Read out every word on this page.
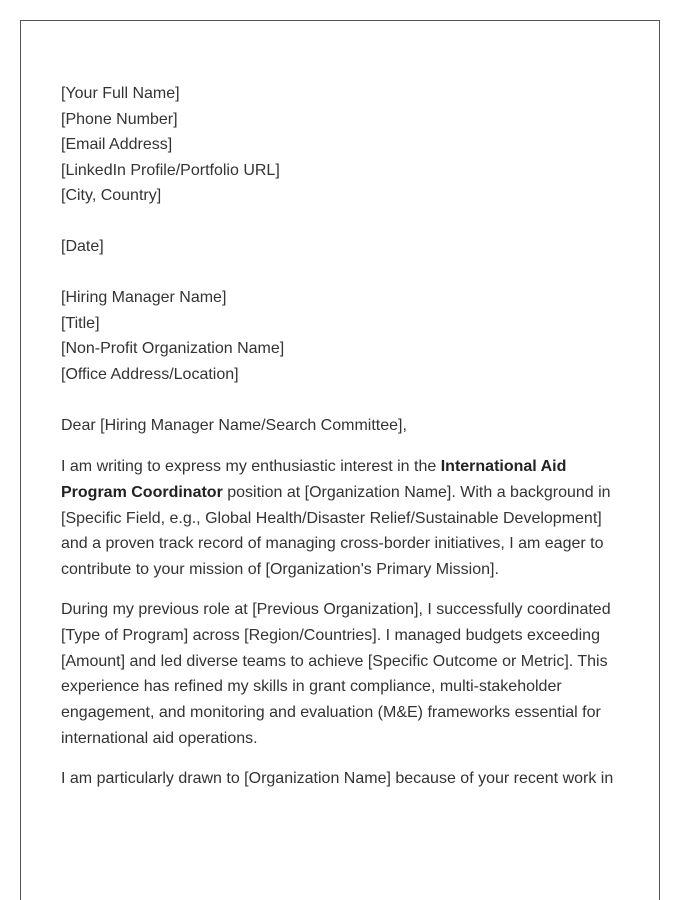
[Your Full Name]

[Phone Number]

[Email Address]

[LinkedIn Profile/Portfolio URL]

[City, Country]

[Date]

[Hiring Manager Name]

[Title]

[Non-Profit Organization Name]

[Office Address/Location]

Dear [Hiring Manager Name/Search Committee],

I am writing to express my enthusiastic interest in the International Aid
Program Coordinator position at [Organization Name]. With a background in
[Specific Field, e.g., Global Health/Disaster Relief/Sustainable Development]
and a proven track record of managing cross-border initiatives, I am eager to
contribute to your mission of [Organization's Primary Mission].

During my previous role at [Previous Organization], I successfully coordinated
[Type of Program] across [Region/Countries]. I managed budgets exceeding
[Amount] and led diverse teams to achieve [Specific Outcome or Metric]. This
experience has refined my skills in grant compliance, multi-stakeholder
engagement, and monitoring and evaluation (M&E) frameworks essential for
international aid operations.

I am particularly drawn to [Organization Name] because of your recent work in
